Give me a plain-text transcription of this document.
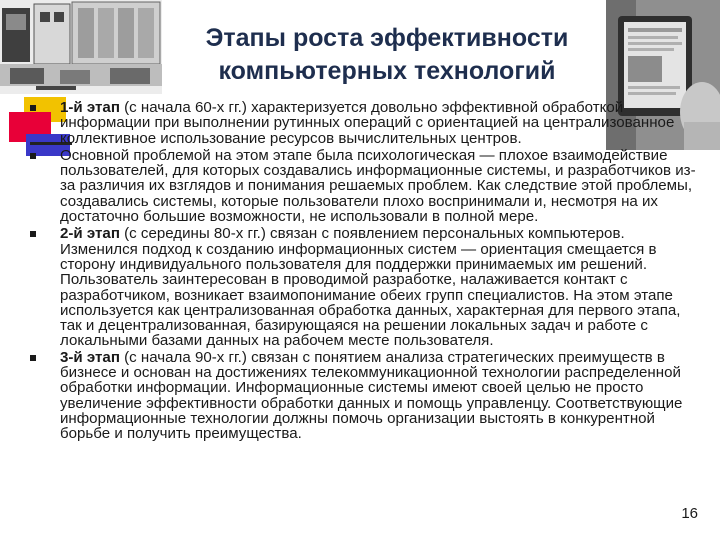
Этапы роста эффективности компьютерных технологий
1-й этап (с начала 60-х гг.) характеризуется довольно эффективной обработкой информации при выполнении рутинных операций с ориентацией на централизованное коллективное использование ресурсов вычислительных центров.
Основной проблемой на этом этапе была психологическая — плохое взаимодействие пользователей, для которых создавались информационные системы, и разработчиков из-за различия их взглядов и понимания решаемых проблем. Как следствие этой проблемы, создавались системы, которые пользователи плохо воспринимали и, несмотря на их достаточно большие возможности, не использовали в полной мере.
2-й этап (с середины 80-х гг.) связан с появлением персональных компьютеров. Изменился подход к созданию информационных систем — ориентация смещается в сторону индивидуального пользователя для поддержки принимаемых им решений. Пользователь заинтересован в проводимой разработке, налаживается контакт с разработчиком, возникает взаимопонимание обеих групп специалистов. На этом этапе используется как централизованная обработка данных, характерная для первого этапа, так и децентрализованная, базирующаяся на решении локальных задач и работе с локальными базами данных на рабочем месте пользователя.
3-й этап (с начала 90-х гг.) связан с понятием анализа стратегических преимуществ в бизнесе и основан на достижениях телекоммуникационной технологии распределенной обработки информации. Информационные системы имеют своей целью не просто увеличение эффективности обработки данных и помощь управленцу. Соответствующие информационные технологии должны помочь организации выстоять в конкурентной борьбе и получить преимущества.
16
